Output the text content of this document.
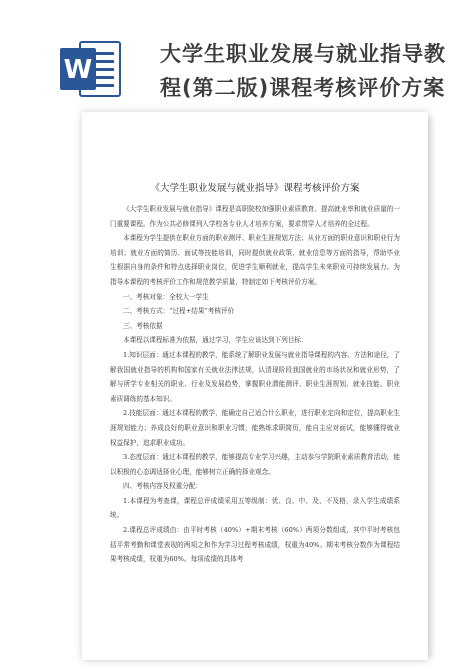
W
大学生职业发展与就业指导教
程(第二版)课程考核评价方案
《大学生职业发展与就业指导》课程考核评价方案

《大学生职业发展与就业指导》课程是高职院校加强职业素质教育、提高就业率和就业质量的一门重要课程。作为公共必修课列入学校各专业人才培养方案，要求贯穿人才培养的全过程。

本课程为学生提供在职业方面的职业测评、职业生涯规划方法；从业方面的职业意识和职业行为培训；就业方面的简历、面试等技能培训，同时提供就业政策、就业信息等方面的指导，帮助毕业生根据自身的条件和特点选择职业岗位，促进学生顺利就业，提高学生未来职业可持续发展力。为指导本课程的考核评价工作和规范教学质量，特制定如下考核评价方案。

一、考核对象：全校大一学生

二、考核方式：“过程+结果”考核评价

三、考核依据

本课程以课程标准为依据，通过学习，学生应该达到下列目标：

1.知识层面：通过本课程的教学，能系统了解职业发展与就业指导课程的内容、方法和途径，了解我国就业指导的机构和国家有关就业法律法规，认清现阶段我国就业的市场状况和就业形势，了解与所学专业相关的职业、行业及发展趋势，掌握职业潜能测评、职业生涯规划、就业技能、职业素质调练的基本知识。

2.技能层面：通过本课程的教学，能确定自己适合什么职业，进行职业定向和定位，提高职业生涯规划能力；养成良好的职业意识和职业习惯，能熟练求职简历，能自主应对面试，能够懂得就业权益保护，追求职业成功。

3.态度层面：通过本课程的教学，能够提高专业学习兴趣，主动参与学院职业素质教育活动，能以积极的心态调适择业心理，能够树立正确的择业观念。

四、考核内容及权重分配：

1.本课程为考查课，课程总评成绩采用五等级制：优、良、中、及、不及格，录入学生成绩系统。

2.课程总评成绩由：由平时考核（40%）+期末考核（60%）两项分数组成，其中平时考核包括平常考勤和课堂表现的两项之和作为学习过程考核成绩，权重为40%。期末考核分数作为课程结果考核成绩，权重为60%。每项成绩的具体考
